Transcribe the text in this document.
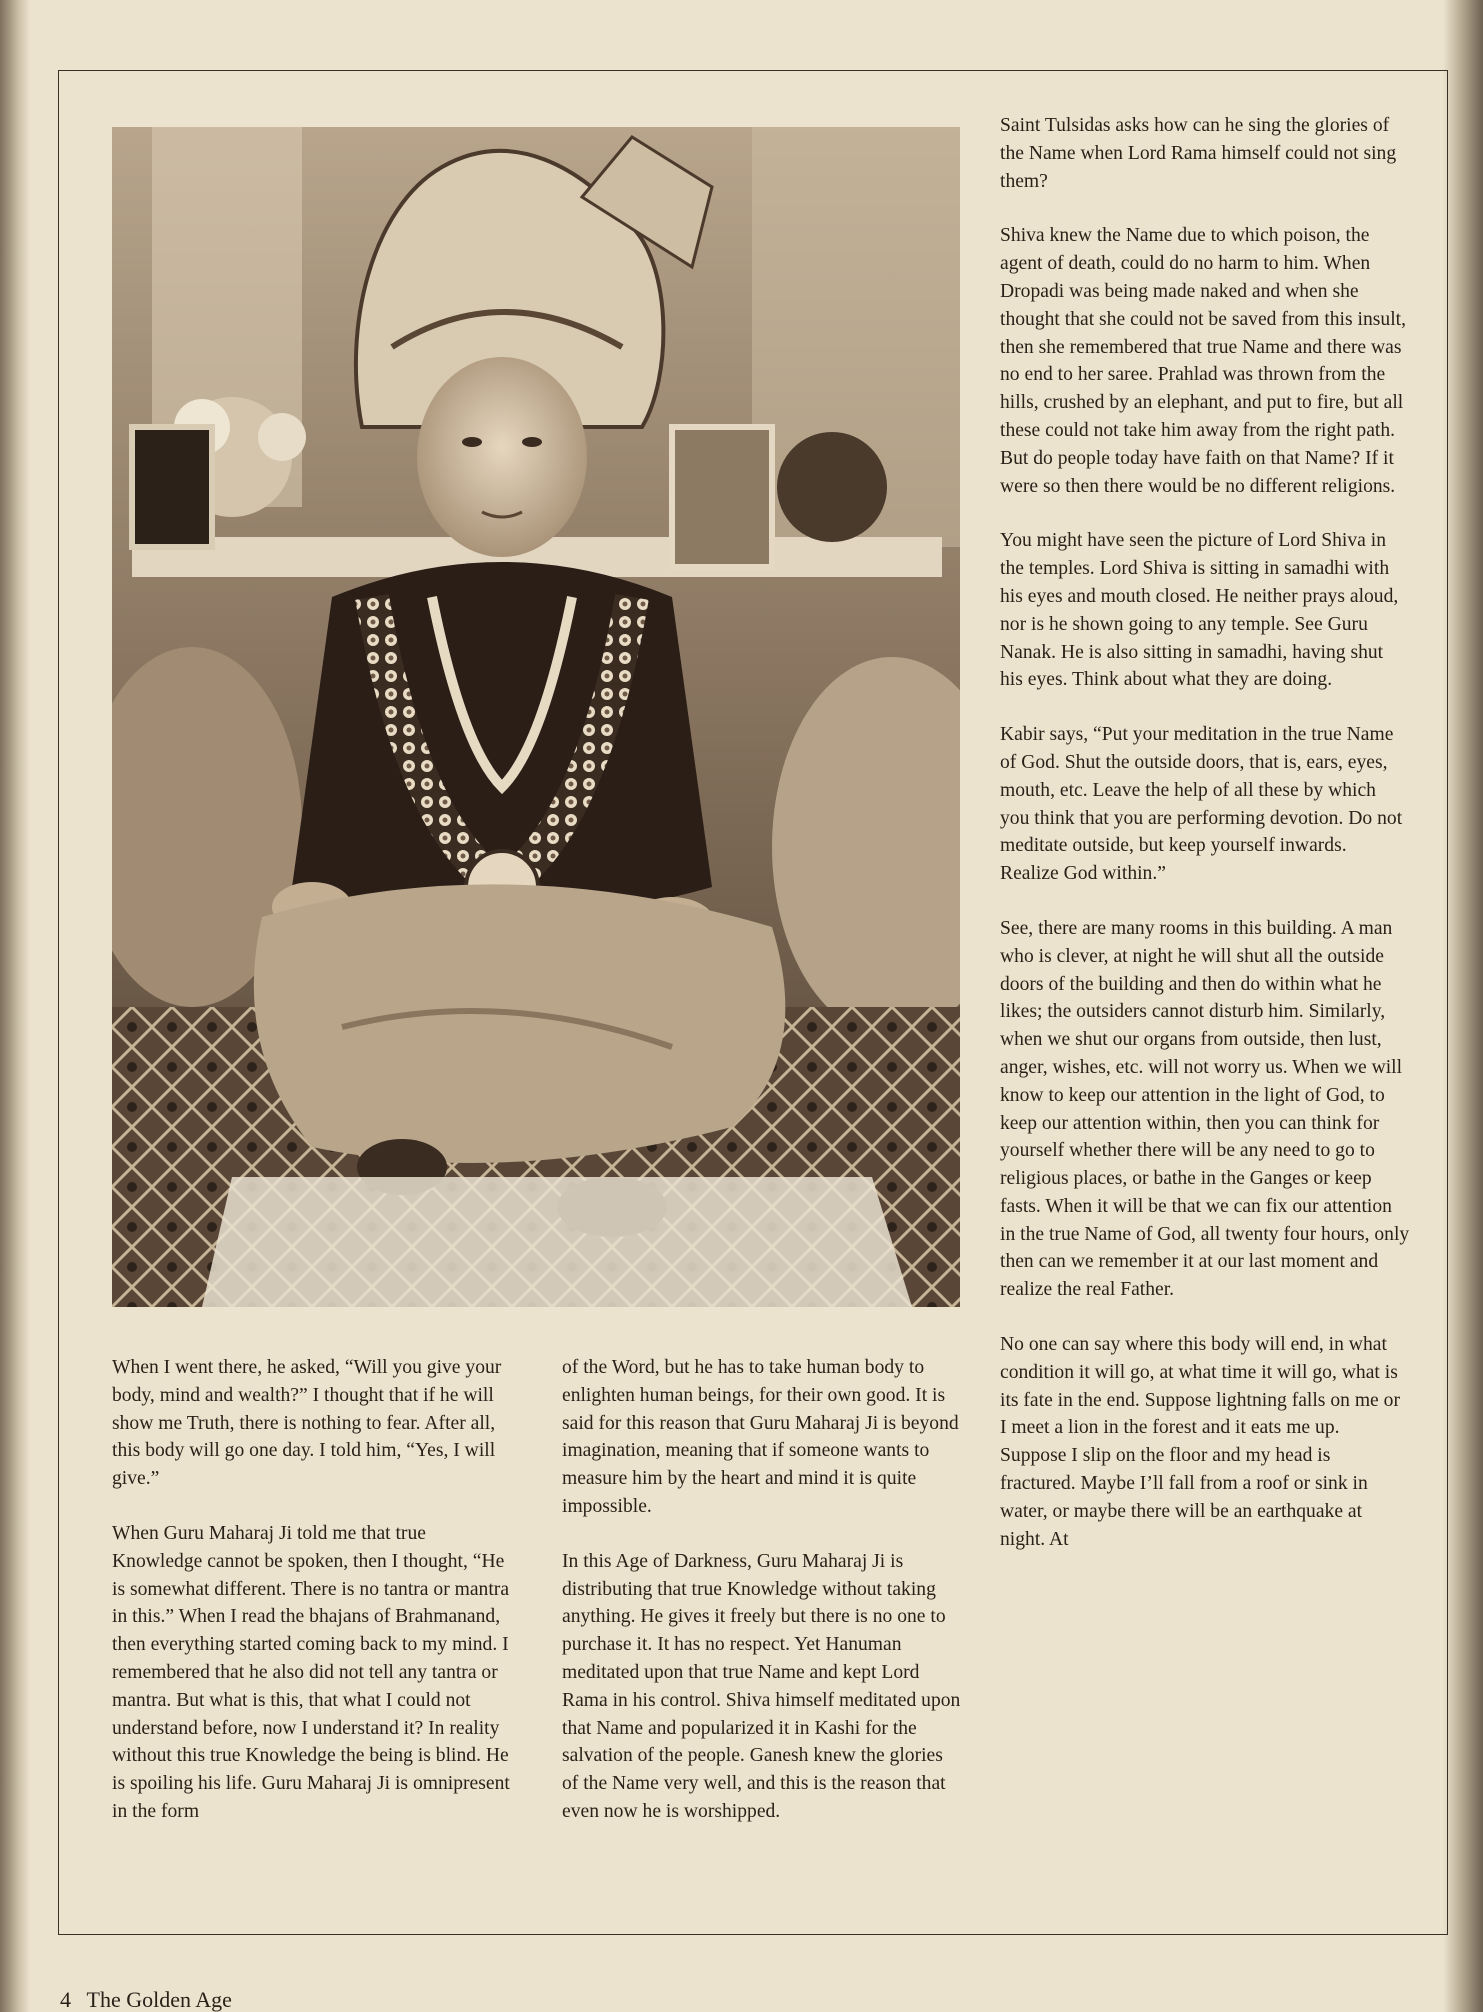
Saint Tulsidas asks how can he sing the glories of the Name when Lord Rama himself could not sing them?

Shiva knew the Name due to which poison, the agent of death, could do no harm to him. When Dropadi was being made naked and when she thought that she could not be saved from this insult, then she remembered that true Name and there was no end to her saree. Prahlad was thrown from the hills, crushed by an elephant, and put to fire, but all these could not take him away from the right path. But do people today have faith on that Name? If it were so then there would be no different religions.

You might have seen the picture of Lord Shiva in the temples. Lord Shiva is sitting in samadhi with his eyes and mouth closed. He neither prays aloud, nor is he shown going to any temple. See Guru Nanak. He is also sitting in samadhi, having shut his eyes. Think about what they are doing.

Kabir says, “Put your meditation in the true Name of God. Shut the outside doors, that is, ears, eyes, mouth, etc. Leave the help of all these by which you think that you are performing devotion. Do not meditate outside, but keep yourself inwards. Realize God within.”

See, there are many rooms in this building. A man who is clever, at night he will shut all the outside doors of the building and then do within what he likes; the outsiders cannot disturb him. Similarly, when we shut our organs from outside, then lust, anger, wishes, etc. will not worry us. When we will know to keep our attention in the light of God, to keep our attention within, then you can think for yourself whether there will be any need to go to religious places, or bathe in the Ganges or keep fasts. When it will be that we can fix our attention in the true Name of God, all twenty four hours, only then can we remember it at our last moment and realize the real Father.

No one can say where this body will end, in what condition it will go, at what time it will go, what is its fate in the end. Suppose lightning falls on me or I meet a lion in the forest and it eats me up. Suppose I slip on the floor and my head is fractured. Maybe I’ll fall from a roof or sink in water, or maybe there will be an earthquake at night. At

When I went there, he asked, “Will you give your body, mind and wealth?” I thought that if he will show me Truth, there is nothing to fear. After all, this body will go one day. I told him, “Yes, I will give.”

When Guru Maharaj Ji told me that true Knowledge cannot be spoken, then I thought, “He is somewhat different. There is no tantra or mantra in this.” When I read the bhajans of Brahmanand, then everything started coming back to my mind. I remembered that he also did not tell any tantra or mantra. But what is this, that what I could not understand before, now I understand it? In reality without this true Knowledge the being is blind. He is spoiling his life. Guru Maharaj Ji is omnipresent in the form

of the Word, but he has to take human body to enlighten human beings, for their own good. It is said for this reason that Guru Maharaj Ji is beyond imagination, meaning that if someone wants to measure him by the heart and mind it is quite impossible.

In this Age of Darkness, Guru Maharaj Ji is distributing that true Knowledge without taking anything. He gives it freely but there is no one to purchase it. It has no respect. Yet Hanuman meditated upon that true Name and kept Lord Rama in his control. Shiva himself meditated upon that Name and popularized it in Kashi for the salvation of the people. Ganesh knew the glories of the Name very well, and this is the reason that even now he is worshipped.

4 The Golden Age
